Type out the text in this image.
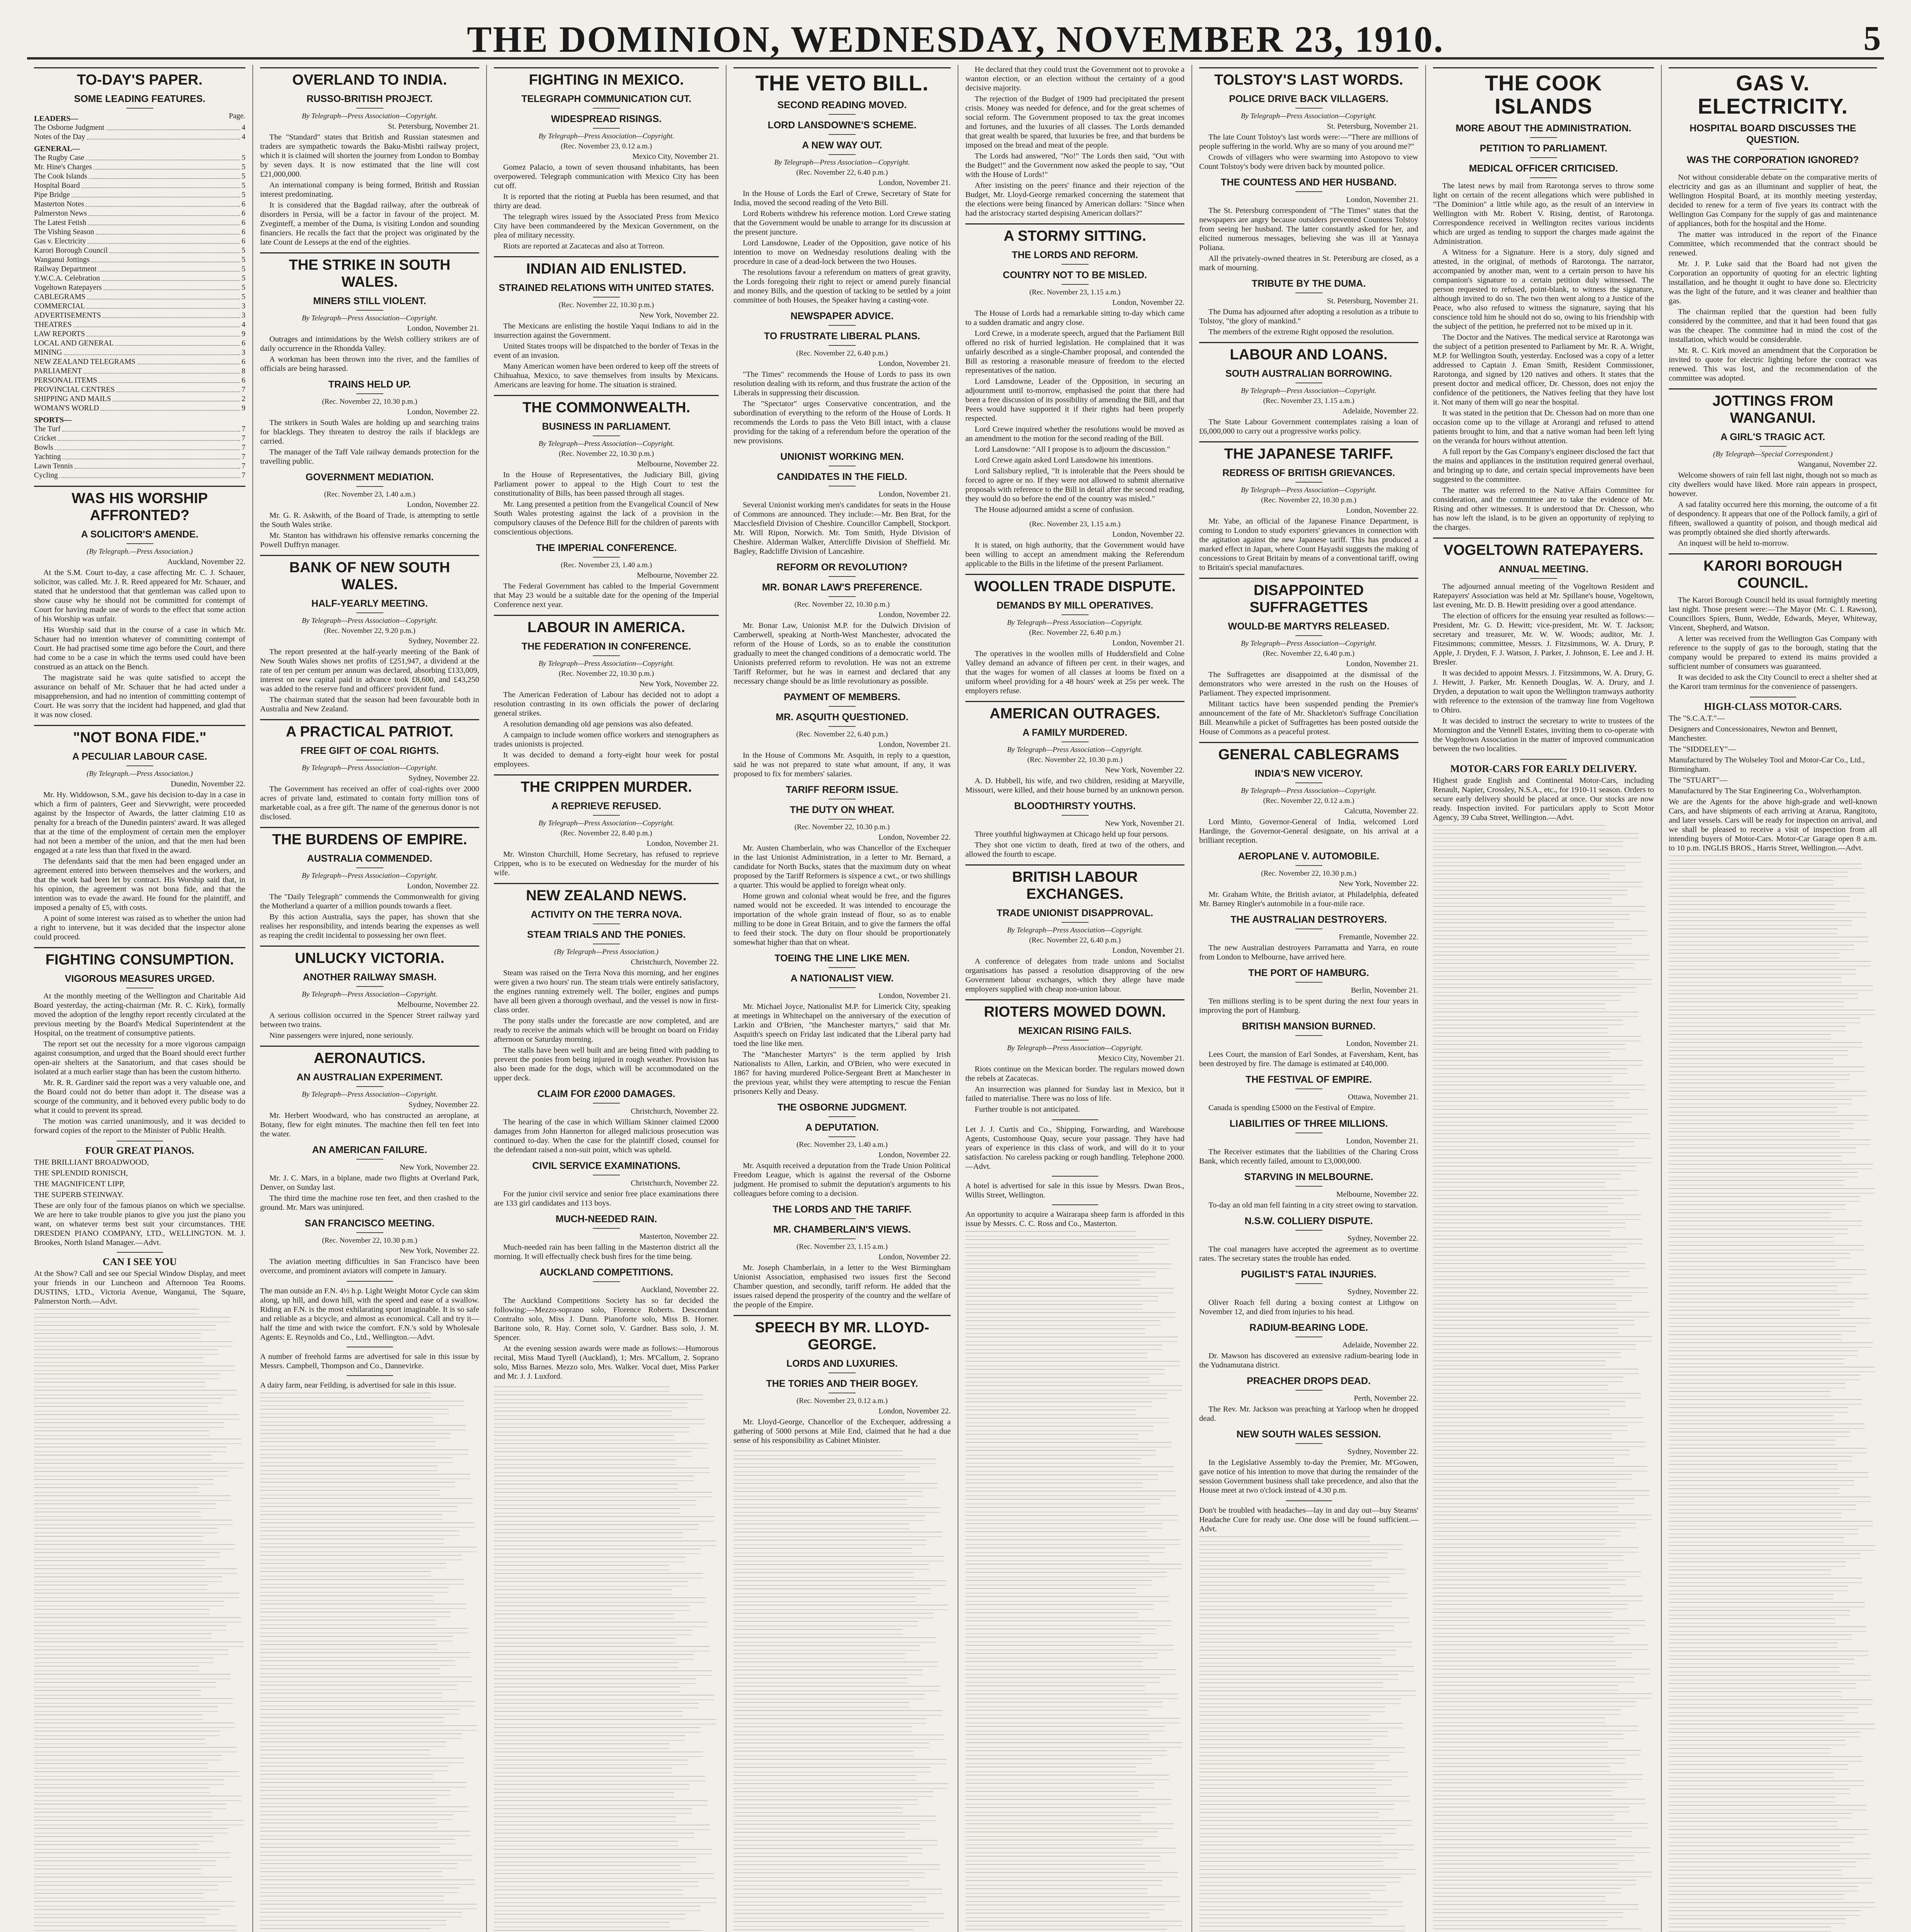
THE DOMINION, WEDNESDAY, NOVEMBER 23, 1910.	5
TO-DAY'S PAPER.
SOME LEADING FEATURES.
LEADERS—	Page.
The Osborne Judgment	4
Notes of the Day	4
GENERAL—
The Rugby Case	5
Mr. Hine's Charges	5
The Cook Islands	5
Hospital Board	5
Pipe Bridge	5
Masterton Notes	6
Palmerston News	6
The Latest Fetish	6
The Vishing Season	6
Gas v. Electricity	6
Karori Borough Council	5
Wanganui Jottings	5
Railway Department	5
Y.W.C.A. Celebration	5
Vogeltown Ratepayers	5
CABLEGRAMS	5
COMMERCIAL	3
ADVERTISEMENTS	3
THEATRES	4
LAW REPORTS	9
LOCAL AND GENERAL	6
MINING	3
NEW ZEALAND TELEGRAMS	6
PARLIAMENT	8
PERSONAL ITEMS	6
PROVINCIAL CENTRES	7
SHIPPING AND MAILS	2
WOMAN'S WORLD	9
SPORTS—
The Turf	7
Cricket	7
Bowls	7
Yachting	7
Lawn Tennis	7
Cycling	7
WAS HIS WORSHIP AFFRONTED?
A SOLICITOR'S AMENDE.
(By Telegraph.—Press Association.)
Auckland, November 22.

At the S.M. Court to-day, a case affecting Mr. C. J. Schauer, solicitor, was called. Mr. J. R. Reed appeared for Mr. Schauer, and stated that he understood that that gentleman was called upon to show cause why he should not be committed for contempt of Court for having made use of words to the effect that some action of his Worship was unfair.

His Worship said that in the course of a case in which Mr. Schauer had no intention whatever of committing contempt of Court. He had practised some time ago before the Court, and there had come to be a case in which the terms used could have been construed as an attack on the Bench.

The magistrate said he was quite satisfied to accept the assurance on behalf of Mr. Schauer that he had acted under a misapprehension, and had no intention of committing contempt of Court. He was sorry that the incident had happened, and glad that it was now closed.

"NOT BONA FIDE."
A PECULIAR LABOUR CASE.
(By Telegraph.—Press Association.)
Dunedin, November 22.

Mr. Hy. Widdowson, S.M., gave his decision to-day in a case in which a firm of painters, Geer and Sievwright, were proceeded against by the Inspector of Awards, the latter claiming £10 as penalty for a breach of the Dunedin painters' award. It was alleged that at the time of the employment of certain men the employer had not been a member of the union, and that the men had been engaged at a rate less than that fixed in the award.

The defendants said that the men had been engaged under an agreement entered into between themselves and the workers, and that the work had been let by contract. His Worship said that, in his opinion, the agreement was not bona fide, and that the intention was to evade the award. He found for the plaintiff, and imposed a penalty of £5, with costs.

A point of some interest was raised as to whether the union had a right to intervene, but it was decided that the inspector alone could proceed.

FIGHTING CONSUMPTION.
VIGOROUS MEASURES URGED.

At the monthly meeting of the Wellington and Charitable Aid Board yesterday, the acting-chairman (Mr. R. C. Kirk), formally moved the adoption of the lengthy report recently circulated at the previous meeting by the Board's Medical Superintendent at the Hospital, on the treatment of consumptive patients.

The report set out the necessity for a more vigorous campaign against consumption, and urged that the Board should erect further open-air shelters at the Sanatorium, and that cases should be isolated at a much earlier stage than has been the custom hitherto.

Mr. R. R. Gardiner said the report was a very valuable one, and the Board could not do better than adopt it. The disease was a scourge of the community, and it behoved every public body to do what it could to prevent its spread.

The motion was carried unanimously, and it was decided to forward copies of the report to the Minister of Public Health.

FOUR GREAT PIANOS.

THE BRILLIANT BROADWOOD,

THE SPLENDID RONISCH,

THE MAGNIFICENT LIPP,

THE SUPERB STEINWAY.

These are only four of the famous pianos on which we specialise. We are here to take trouble pianos to give you just the piano you want, on whatever terms best suit your circumstances. THE DRESDEN PIANO COMPANY, LTD., WELLINGTON. M. J. Brookes, North Island Manager.—Advt.

CAN I SEE YOU

At the Show? Call and see our Special Window Display, and meet your friends in our Luncheon and Afternoon Tea Rooms. DUSTINS, LTD., Victoria Avenue, Wanganui, The Square, Palmerston North.—Advt.

OVERLAND TO INDIA.
RUSSO-BRITISH PROJECT.
By Telegraph—Press Association—Copyright.
St. Petersburg, November 21.

The "Standard" states that British and Russian statesmen and traders are sympathetic towards the Baku-Mishti railway project, which it is claimed will shorten the journey from London to Bombay by seven days. It is now estimated that the line will cost £21,000,000.

An international company is being formed, British and Russian interest predominating.

It is considered that the Bagdad railway, after the outbreak of disorders in Persia, will be a factor in favour of the project. M. Zveginteff, a member of the Duma, is visiting London and sounding financiers. He recalls the fact that the project was originated by the late Count de Lesseps at the end of the eighties.

THE STRIKE IN SOUTH WALES.
MINERS STILL VIOLENT.
By Telegraph—Press Association—Copyright.
London, November 21.

Outrages and intimidations by the Welsh colliery strikers are of daily occurrence in the Rhondda Valley.

A workman has been thrown into the river, and the families of officials are being harassed.

TRAINS HELD UP.
(Rec. November 22, 10.30 p.m.)
London, November 22.

The strikers in South Wales are holding up and searching trains for blacklegs. They threaten to destroy the rails if blacklegs are carried.

The manager of the Taff Vale railway demands protection for the travelling public.

GOVERNMENT MEDIATION.
(Rec. November 23, 1.40 a.m.)
London, November 22.

Mr. G. R. Askwith, of the Board of Trade, is attempting to settle the South Wales strike.

Mr. Stanton has withdrawn his offensive remarks concerning the Powell Duffryn manager.

BANK OF NEW SOUTH WALES.
HALF-YEARLY MEETING.
By Telegraph—Press Association—Copyright.
(Rec. November 22, 9.20 p.m.)
Sydney, November 22.

The report presented at the half-yearly meeting of the Bank of New South Wales shows net profits of £251,947, a dividend at the rate of ten per centum per annum was declared, absorbing £133,009, interest on new capital paid in advance took £8,600, and £43,250 was added to the reserve fund and officers' provident fund.

The chairman stated that the season had been favourable both in Australia and New Zealand.

A PRACTICAL PATRIOT.
FREE GIFT OF COAL RIGHTS.
By Telegraph—Press Association—Copyright.
Sydney, November 22.

The Government has received an offer of coal-rights over 2000 acres of private land, estimated to contain forty million tons of marketable coal, as a free gift. The name of the generous donor is not disclosed.

THE BURDENS OF EMPIRE.
AUSTRALIA COMMENDED.
By Telegraph—Press Association—Copyright.
London, November 22.

The "Daily Telegraph" commends the Commonwealth for giving the Motherland a quarter of a million pounds towards a fleet.

By this action Australia, says the paper, has shown that she realises her responsibility, and intends bearing the expenses as well as reaping the credit incidental to possessing her own fleet.

UNLUCKY VICTORIA.
ANOTHER RAILWAY SMASH.
By Telegraph—Press Association—Copyright.
Melbourne, November 22.

A serious collision occurred in the Spencer Street railway yard between two trains.

Nine passengers were injured, none seriously.

AERONAUTICS.
AN AUSTRALIAN EXPERIMENT.
By Telegraph—Press Association—Copyright.
Sydney, November 22.

Mr. Herbert Woodward, who has constructed an aeroplane, at Botany, flew for eight minutes. The machine then fell ten feet into the water.

AN AMERICAN FAILURE.
New York, November 22.

Mr. J. C. Mars, in a biplane, made two flights at Overland Park, Denver, on Sunday last.

The third time the machine rose ten feet, and then crashed to the ground. Mr. Mars was uninjured.

SAN FRANCISCO MEETING.
(Rec. November 22, 10.30 p.m.)
New York, November 22.

The aviation meeting difficulties in San Francisco have been overcome, and prominent aviators will compete in January.

The man outside an F.N. 4½ h.p. Light Weight Motor Cycle can skim along, up hill, and down hill, with the speed and ease of a swallow. Riding an F.N. is the most exhilarating sport imaginable. It is so safe and reliable as a bicycle, and almost as economical. Call and try it—half the time and with twice the comfort. F.N.'s sold by Wholesale Agents: E. Reynolds and Co., Ltd., Wellington.—Advt.

A number of freehold farms are advertised for sale in this issue by Messrs. Campbell, Thompson and Co., Dannevirke.

A dairy farm, near Feilding, is advertised for sale in this issue.

FIGHTING IN MEXICO.
TELEGRAPH COMMUNICATION CUT.
WIDESPREAD RISINGS.
By Telegraph—Press Association—Copyright.
(Rec. November 23, 0.12 a.m.)
Mexico City, November 21.

Gomez Palacio, a town of seven thousand inhabitants, has been overpowered. Telegraph communication with Mexico City has been cut off.

It is reported that the rioting at Puebla has been resumed, and that thirty are dead.

The telegraph wires issued by the Associated Press from Mexico City have been commandeered by the Mexican Government, on the plea of military necessity.

Riots are reported at Zacatecas and also at Torreon.

INDIAN AID ENLISTED.
STRAINED RELATIONS WITH UNITED STATES.
(Rec. November 22, 10.30 p.m.)
New York, November 22.

The Mexicans are enlisting the hostile Yaqui Indians to aid in the insurrection against the Government.

United States troops will be dispatched to the border of Texas in the event of an invasion.

Many American women have been ordered to keep off the streets of Chihuahua, Mexico, to save themselves from insults by Mexicans. Americans are leaving for home. The situation is strained.

THE COMMONWEALTH.
BUSINESS IN PARLIAMENT.
By Telegraph—Press Association—Copyright.
(Rec. November 22, 10.30 p.m.)
Melbourne, November 22.

In the House of Representatives, the Judiciary Bill, giving Parliament power to appeal to the High Court to test the constitutionality of Bills, has been passed through all stages.

Mr. Lang presented a petition from the Evangelical Council of New South Wales protesting against the lack of a provision in the compulsory clauses of the Defence Bill for the children of parents with conscientious objections.

THE IMPERIAL CONFERENCE.
(Rec. November 23, 1.40 a.m.)
Melbourne, November 22.

The Federal Government has cabled to the Imperial Government that May 23 would be a suitable date for the opening of the Imperial Conference next year.

LABOUR IN AMERICA.
THE FEDERATION IN CONFERENCE.
By Telegraph—Press Association—Copyright.
(Rec. November 22, 10.30 p.m.)
New York, November 22.

The American Federation of Labour has decided not to adopt a resolution contrasting in its own officials the power of declaring general strikes.

A resolution demanding old age pensions was also defeated.

A campaign to include women office workers and stenographers as trades unionists is projected.

It was decided to demand a forty-eight hour week for postal employees.

THE CRIPPEN MURDER.
A REPRIEVE REFUSED.
By Telegraph—Press Association—Copyright.
(Rec. November 22, 8.40 p.m.)
London, November 21.

Mr. Winston Churchill, Home Secretary, has refused to reprieve Crippen, who is to be executed on Wednesday for the murder of his wife.

NEW ZEALAND NEWS.
ACTIVITY ON THE TERRA NOVA.
STEAM TRIALS AND THE PONIES.
(By Telegraph—Press Association.)
Christchurch, November 22.

Steam was raised on the Terra Nova this morning, and her engines were given a two hours' run. The steam trials were entirely satisfactory, the engines running extremely well. The boiler, engines and pumps have all been given a thorough overhaul, and the vessel is now in first-class order.

The pony stalls under the forecastle are now completed, and are ready to receive the animals which will be brought on board on Friday afternoon or Saturday morning.

The stalls have been well built and are being fitted with padding to prevent the ponies from being injured in rough weather. Provision has also been made for the dogs, which will be accommodated on the upper deck.

CLAIM FOR £2000 DAMAGES.
Christchurch, November 22.

The hearing of the case in which William Skinner claimed £2000 damages from John Hannerton for alleged malicious prosecution was continued to-day. When the case for the plaintiff closed, counsel for the defendant raised a non-suit point, which was upheld.

CIVIL SERVICE EXAMINATIONS.
Christchurch, November 22.

For the junior civil service and senior free place examinations there are 133 girl candidates and 113 boys.

MUCH-NEEDED RAIN.
Masterton, November 22.

Much-needed rain has been falling in the Masterton district all the morning. It will effectually check bush fires for the time being.

AUCKLAND COMPETITIONS.
Auckland, November 22.

The Auckland Competitions Society has so far decided the following:—Mezzo-soprano solo, Florence Roberts. Descendant Contralto solo, Miss J. Dunn. Pianoforte solo, Miss B. Horner. Baritone solo, R. Hay. Cornet solo, V. Gardner. Bass solo, J. M. Spencer.

At the evening session awards were made as follows:—Humorous recital, Miss Maud Tyrell (Auckland), 1; Mrs. M'Callum, 2. Soprano solo, Miss Barnes. Mezzo solo, Mrs. Walker. Vocal duet, Miss Parker and Mr. J. J. Luxford.

THE VETO BILL.
SECOND READING MOVED.
LORD LANSDOWNE'S SCHEME.
A NEW WAY OUT.
By Telegraph—Press Association—Copyright.
(Rec. November 22, 6.40 p.m.)
London, November 21.

In the House of Lords the Earl of Crewe, Secretary of State for India, moved the second reading of the Veto Bill.

Lord Roberts withdrew his reference motion. Lord Crewe stating that the Government would be unable to arrange for its discussion at the present juncture.

Lord Lansdowne, Leader of the Opposition, gave notice of his intention to move on Wednesday resolutions dealing with the procedure in case of a dead-lock between the two Houses.

The resolutions favour a referendum on matters of great gravity, the Lords foregoing their right to reject or amend purely financial and money Bills, and the question of tacking to be settled by a joint committee of both Houses, the Speaker having a casting-vote.

NEWSPAPER ADVICE.
TO FRUSTRATE LIBERAL PLANS.
(Rec. November 22, 6.40 p.m.)
London, November 21.

"The Times" recommends the House of Lords to pass its own resolution dealing with its reform, and thus frustrate the action of the Liberals in suppressing their discussion.

The "Spectator" urges Conservative concentration, and the subordination of everything to the reform of the House of Lords. It recommends the Lords to pass the Veto Bill intact, with a clause providing for the taking of a referendum before the operation of the new provisions.

UNIONIST WORKING MEN.
CANDIDATES IN THE FIELD.
London, November 21.

Several Unionist working men's candidates for seats in the House of Commons are announced. They include:—Mr. Ben Brat, for the Macclesfield Division of Cheshire. Councillor Campbell, Stockport. Mr. Will Ripon, Norwich. Mr. Tom Smith, Hyde Division of Cheshire. Alderman Walker, Attercliffe Division of Sheffield. Mr. Bagley, Radcliffe Division of Lancashire.

REFORM OR REVOLUTION?
MR. BONAR LAW'S PREFERENCE.
(Rec. November 22, 10.30 p.m.)
London, November 22.

Mr. Bonar Law, Unionist M.P. for the Dulwich Division of Camberwell, speaking at North-West Manchester, advocated the reform of the House of Lords, so as to enable the constitution gradually to meet the changed conditions of a democratic world. The Unionists preferred reform to revolution. He was not an extreme Tariff Reformer, but he was in earnest and declared that any necessary change should be as little revolutionary as possible.

PAYMENT OF MEMBERS.
MR. ASQUITH QUESTIONED.
(Rec. November 22, 6.40 p.m.)
London, November 21.

In the House of Commons Mr. Asquith, in reply to a question, said he was not prepared to state what amount, if any, it was proposed to fix for members' salaries.

TARIFF REFORM ISSUE.
THE DUTY ON WHEAT.
(Rec. November 22, 10.30 p.m.)
London, November 22.

Mr. Austen Chamberlain, who was Chancellor of the Exchequer in the last Unionist Administration, in a letter to Mr. Bernard, a candidate for North Bucks, states that the maximum duty on wheat proposed by the Tariff Reformers is sixpence a cwt., or two shillings a quarter. This would be applied to foreign wheat only.

Home grown and colonial wheat would be free, and the figures named would not be exceeded. It was intended to encourage the importation of the whole grain instead of flour, so as to enable milling to be done in Great Britain, and to give the farmers the offal to feed their stock. The duty on flour should be proportionately somewhat higher than that on wheat.

TOEING THE LINE LIKE MEN.
A NATIONALIST VIEW.
London, November 21.

Mr. Michael Joyce, Nationalist M.P. for Limerick City, speaking at meetings in Whitechapel on the anniversary of the execution of Larkin and O'Brien, "the Manchester martyrs," said that Mr. Asquith's speech on Friday last indicated that the Liberal party had toed the line like men.

The "Manchester Martyrs" is the term applied by Irish Nationalists to Allen, Larkin, and O'Brien, who were executed in 1867 for having murdered Police-Sergeant Brett at Manchester in the previous year, whilst they were attempting to rescue the Fenian prisoners Kelly and Deasy.

THE OSBORNE JUDGMENT.
A DEPUTATION.
(Rec. November 23, 1.40 a.m.)
London, November 22.

Mr. Asquith received a deputation from the Trade Union Political Freedom League, which is against the reversal of the Osborne judgment. He promised to submit the deputation's arguments to his colleagues before coming to a decision.

THE LORDS AND THE TARIFF.
MR. CHAMBERLAIN'S VIEWS.
(Rec. November 23, 1.15 a.m.)
London, November 22.

Mr. Joseph Chamberlain, in a letter to the West Birmingham Unionist Association, emphasised two issues first the Second Chamber question, and secondly, tariff reform. He added that the issues raised depend the prosperity of the country and the welfare of the people of the Empire.

SPEECH BY MR. LLOYD-GEORGE.
LORDS AND LUXURIES.
THE TORIES AND THEIR BOGEY.
(Rec. November 23, 0.12 a.m.)
London, November 22.

Mr. Lloyd-George, Chancellor of the Exchequer, addressing a gathering of 5000 persons at Mile End, claimed that he had a due sense of his responsibility as Cabinet Minister.

He declared that they could trust the Government not to provoke a wanton election, or an election without the certainty of a good decisive majority.

The rejection of the Budget of 1909 had precipitated the present crisis. Money was needed for defence, and for the great schemes of social reform. The Government proposed to tax the great incomes and fortunes, and the luxuries of all classes. The Lords demanded that great wealth be spared, that luxuries be free, and that burdens be imposed on the bread and meat of the people.

The Lords had answered, "No!" The Lords then said, "Out with the Budget!" and the Government now asked the people to say, "Out with the House of Lords!"

After insisting on the peers' finance and their rejection of the Budget, Mr. Lloyd-George remarked concerning the statement that the elections were being financed by American dollars: "Since when had the aristocracy started despising American dollars?"

A STORMY SITTING.
THE LORDS AND REFORM.
COUNTRY NOT TO BE MISLED.
(Rec. November 23, 1.15 a.m.)
London, November 22.

The House of Lords had a remarkable sitting to-day which came to a sudden dramatic and angry close.

Lord Crewe, in a moderate speech, argued that the Parliament Bill offered no risk of hurried legislation. He complained that it was unfairly described as a single-Chamber proposal, and contended the Bill as restoring a reasonable measure of freedom to the elected representatives of the nation.

Lord Lansdowne, Leader of the Opposition, in securing an adjournment until to-morrow, emphasised the point that there had been a free discussion of its possibility of amending the Bill, and that Peers would have supported it if their rights had been properly respected.

Lord Crewe inquired whether the resolutions would be moved as an amendment to the motion for the second reading of the Bill.

Lord Lansdowne: "All I propose is to adjourn the discussion."

Lord Crewe again asked Lord Lansdowne his intentions.

Lord Salisbury replied, "It is intolerable that the Peers should be forced to agree or no. If they were not allowed to submit alternative proposals with reference to the Bill in detail after the second reading, they would do so before the end of the country was misled."

The House adjourned amidst a scene of confusion.

(Rec. November 23, 1.15 a.m.)
London, November 22.

It is stated, on high authority, that the Government would have been willing to accept an amendment making the Referendum applicable to the Bills in the lifetime of the present Parliament.

WOOLLEN TRADE DISPUTE.
DEMANDS BY MILL OPERATIVES.
By Telegraph—Press Association—Copyright.
(Rec. November 22, 6.40 p.m.)
London, November 21.

The operatives in the woollen mills of Huddersfield and Colne Valley demand an advance of fifteen per cent. in their wages, and that the wages for women of all classes at looms be fixed on a uniform wheel providing for a 48 hours' week at 25s per week. The employers refuse.

AMERICAN OUTRAGES.
A FAMILY MURDERED.
By Telegraph—Press Association—Copyright.
(Rec. November 22, 10.30 p.m.)
New York, November 22.

A. D. Hubbell, his wife, and two children, residing at Maryville, Missouri, were killed, and their house burned by an unknown person.

BLOODTHIRSTY YOUTHS.
New York, November 21.

Three youthful highwaymen at Chicago held up four persons.

They shot one victim to death, fired at two of the others, and allowed the fourth to escape.

BRITISH LABOUR EXCHANGES.
TRADE UNIONIST DISAPPROVAL.
By Telegraph—Press Association—Copyright.
(Rec. November 22, 6.40 p.m.)
London, November 21.

A conference of delegates from trade unions and Socialist organisations has passed a resolution disapproving of the new Government labour exchanges, which they allege have made employers supplied with cheap non-union labour.

RIOTERS MOWED DOWN.
MEXICAN RISING FAILS.
By Telegraph—Press Association—Copyright.
Mexico City, November 21.

Riots continue on the Mexican border. The regulars mowed down the rebels at Zacatecas.

An insurrection was planned for Sunday last in Mexico, but it failed to materialise. There was no loss of life.

Further trouble is not anticipated.

Let J. J. Curtis and Co., Shipping, Forwarding, and Warehouse Agents, Customhouse Quay, secure your passage. They have had years of experience in this class of work, and will do it to your satisfaction. No careless packing or rough handling. Telephone 2000.—Advt.

A hotel is advertised for sale in this issue by Messrs. Dwan Bros., Willis Street, Wellington.

An opportunity to acquire a Wairarapa sheep farm is afforded in this issue by Messrs. C. C. Ross and Co., Masterton.

TOLSTOY'S LAST WORDS.
POLICE DRIVE BACK VILLAGERS.
By Telegraph—Press Association—Copyright.
St. Petersburg, November 21.

The late Count Tolstoy's last words were:—"There are millions of people suffering in the world. Why are so many of you around me?"

Crowds of villagers who were swarming into Astopovo to view Count Tolstoy's body were driven back by mounted police.

THE COUNTESS AND HER HUSBAND.
London, November 21.

The St. Petersburg correspondent of "The Times" states that the newspapers are angry because outsiders prevented Countess Tolstoy from seeing her husband. The latter constantly asked for her, and elicited numerous messages, believing she was ill at Yasnaya Poliana.

All the privately-owned theatres in St. Petersburg are closed, as a mark of mourning.

TRIBUTE BY THE DUMA.
St. Petersburg, November 21.

The Duma has adjourned after adopting a resolution as a tribute to Tolstoy, "the glory of mankind."

The members of the extreme Right opposed the resolution.

LABOUR AND LOANS.
SOUTH AUSTRALIAN BORROWING.
By Telegraph—Press Association—Copyright.
(Rec. November 23, 1.15 a.m.)
Adelaide, November 22.

The State Labour Government contemplates raising a loan of £6,000,000 to carry out a progressive works policy.

THE JAPANESE TARIFF.
REDRESS OF BRITISH GRIEVANCES.
By Telegraph—Press Association—Copyright.
(Rec. November 22, 10.30 p.m.)
London, November 22.

Mr. Yabe, an official of the Japanese Finance Department, is coming to London to study exporters' grievances in connection with the agitation against the new Japanese tariff. This has produced a marked effect in Japan, where Count Hayashi suggests the making of concessions to Great Britain by means of a conventional tariff, owing to Britain's special manufactures.

DISAPPOINTED SUFFRAGETTES
WOULD-BE MARTYRS RELEASED.
By Telegraph—Press Association—Copyright.
(Rec. November 22, 6.40 p.m.)
London, November 21.

The Suffragettes are disappointed at the dismissal of the demonstrators who were arrested in the rush on the Houses of Parliament. They expected imprisonment.

Militant tactics have been suspended pending the Premier's announcement of the fate of Mr. Shackleton's Suffrage Conciliation Bill. Meanwhile a picket of Suffragettes has been posted outside the House of Commons as a peaceful protest.

GENERAL CABLEGRAMS
INDIA'S NEW VICEROY.
By Telegraph—Press Association—Copyright.
(Rec. November 22, 0.12 a.m.)
Calcutta, November 22.

Lord Minto, Governor-General of India, welcomed Lord Hardinge, the Governor-General designate, on his arrival at a brilliant reception.

AEROPLANE V. AUTOMOBILE.
(Rec. November 22, 10.30 p.m.)
New York, November 22.

Mr. Graham White, the British aviator, at Philadelphia, defeated Mr. Barney Ringler's automobile in a four-mile race.

THE AUSTRALIAN DESTROYERS.
Fremantle, November 22.

The new Australian destroyers Parramatta and Yarra, en route from London to Melbourne, have arrived here.

THE PORT OF HAMBURG.
Berlin, November 21.

Ten millions sterling is to be spent during the next four years in improving the port of Hamburg.

BRITISH MANSION BURNED.
London, November 21.

Lees Court, the mansion of Earl Sondes, at Faversham, Kent, has been destroyed by fire. The damage is estimated at £40,000.

THE FESTIVAL OF EMPIRE.
Ottawa, November 21.

Canada is spending £5000 on the Festival of Empire.

LIABILITIES OF THREE MILLIONS.
London, November 21.

The Receiver estimates that the liabilities of the Charing Cross Bank, which recently failed, amount to £3,000,000.

STARVING IN MELBOURNE.
Melbourne, November 22.

To-day an old man fell fainting in a city street owing to starvation.

N.S.W. COLLIERY DISPUTE.
Sydney, November 22.

The coal managers have accepted the agreement as to overtime rates. The secretary states the trouble has ended.

PUGILIST'S FATAL INJURIES.
Sydney, November 22.

Oliver Roach fell during a boxing contest at Lithgow on November 12, and died from injuries to his head.

RADIUM-BEARING LODE.
Adelaide, November 22.

Dr. Mawson has discovered an extensive radium-bearing lode in the Yudnamutana district.

PREACHER DROPS DEAD.
Perth, November 22.

The Rev. Mr. Jackson was preaching at Yarloop when he dropped dead.

NEW SOUTH WALES SESSION.
Sydney, November 22.

In the Legislative Assembly to-day the Premier, Mr. M'Gowen, gave notice of his intention to move that during the remainder of the session Government business shall take precedence, and also that the House meet at two o'clock instead of 4.30 p.m.

Don't be troubled with headaches—lay in and day out—buy Stearns' Headache Cure for ready use. One dose will be found sufficient.—Advt.

THE COOK ISLANDS
MORE ABOUT THE ADMINISTRATION.
PETITION TO PARLIAMENT.
MEDICAL OFFICER CRITICISED.

The latest news by mail from Rarotonga serves to throw some light on certain of the recent allegations which were published in "The Dominion" a little while ago, as the result of an interview in Wellington with Mr. Robert V. Rising, dentist, of Rarotonga. Correspondence received in Wellington recites various incidents which are urged as tending to support the charges made against the Administration.

A Witness for a Signature. Here is a story, duly signed and attested, in the original, of methods of Rarotonga. The narrator, accompanied by another man, went to a certain person to have his companion's signature to a certain petition duly witnessed. The person requested to refused, point-blank, to witness the signature, although invited to do so. The two then went along to a Justice of the Peace, who also refused to witness the signature, saying that his conscience told him he should not do so, owing to his friendship with the subject of the petition, he preferred not to be mixed up in it.

The Doctor and the Natives. The medical service at Rarotonga was the subject of a petition presented to Parliament by Mr. R. A. Wright, M.P. for Wellington South, yesterday. Enclosed was a copy of a letter addressed to Captain J. Eman Smith, Resident Commissioner, Rarotonga, and signed by 120 natives and others. It states that the present doctor and medical officer, Dr. Chesson, does not enjoy the confidence of the petitioners, the Natives feeling that they have lost it. Not many of them will go near the hospital.

It was stated in the petition that Dr. Chesson had on more than one occasion come up to the village at Arorangi and refused to attend patients brought to him, and that a native woman had been left lying on the veranda for hours without attention.

A full report by the Gas Company's engineer disclosed the fact that the mains and appliances in the institution required general overhaul, and bringing up to date, and certain special improvements have been suggested to the committee.

The matter was referred to the Native Affairs Committee for consideration, and the committee are to take the evidence of Mr. Rising and other witnesses. It is understood that Dr. Chesson, who has now left the island, is to be given an opportunity of replying to the charges.

VOGELTOWN RATEPAYERS.
ANNUAL MEETING.

The adjourned annual meeting of the Vogeltown Resident and Ratepayers' Association was held at Mr. Spillane's house, Vogeltown, last evening, Mr. D. B. Hewitt presiding over a good attendance.

The election of officers for the ensuing year resulted as follows:—President, Mr. G. D. Hewitt; vice-president, Mr. W. T. Jackson; secretary and treasurer, Mr. W. W. Woods; auditor, Mr. J. Fitzsimmons; committee, Messrs. J. Fitzsimmons, W. A. Drury, P. Apple, J. Dryden, F. J. Watson, J. Parker, J. Johnson, E. Lee and J. H. Bresler.

It was decided to appoint Messrs. J. Fitzsimmons, W. A. Drury, G. J. Hewitt, J. Parker, Mr. Kenneth Douglas, W. A. Drury, and J. Dryden, a deputation to wait upon the Wellington tramways authority with reference to the extension of the tramway line from Vogeltown to Ohiro.

It was decided to instruct the secretary to write to trustees of the Mornington and the Vennell Estates, inviting them to co-operate with the Vogeltown Association in the matter of improved communication between the two localities.

MOTOR-CARS FOR EARLY DELIVERY.

Highest grade English and Continental Motor-Cars, including Renault, Napier, Crossley, N.S.A., etc., for 1910-11 season. Orders to secure early delivery should be placed at once. Our stocks are now ready. Inspection invited. For particulars apply to Scott Motor Agency, 39 Cuba Street, Wellington.—Advt.

GAS V. ELECTRICITY.
HOSPITAL BOARD DISCUSSES THE QUESTION.
WAS THE CORPORATION IGNORED?

Not without considerable debate on the comparative merits of electricity and gas as an illuminant and supplier of heat, the Wellington Hospital Board, at its monthly meeting yesterday, decided to renew for a term of five years its contract with the Wellington Gas Company for the supply of gas and maintenance of appliances, both for the hospital and the Home.

The matter was introduced in the report of the Finance Committee, which recommended that the contract should be renewed.

Mr. J. P. Luke said that the Board had not given the Corporation an opportunity of quoting for an electric lighting installation, and he thought it ought to have done so. Electricity was the light of the future, and it was cleaner and healthier than gas.

The chairman replied that the question had been fully considered by the committee, and that it had been found that gas was the cheaper. The committee had in mind the cost of the installation, which would be considerable.

Mr. R. C. Kirk moved an amendment that the Corporation be invited to quote for electric lighting before the contract was renewed. This was lost, and the recommendation of the committee was adopted.

JOTTINGS FROM WANGANUI.
A GIRL'S TRAGIC ACT.
(By Telegraph—Special Correspondent.)
Wanganui, November 22.

Welcome showers of rain fell last night, though not so much as city dwellers would have liked. More rain appears in prospect, however.

A sad fatality occurred here this morning, the outcome of a fit of despondency. It appears that one of the Pollock family, a girl of fifteen, swallowed a quantity of poison, and though medical aid was promptly obtained she died shortly afterwards.

An inquest will be held to-morrow.

KARORI BOROUGH COUNCIL.

The Karori Borough Council held its usual fortnightly meeting last night. Those present were:—The Mayor (Mr. C. I. Rawson), Councillors Spiers, Bunn, Wedde, Edwards, Meyer, Whiteway, Vincent, Shepherd, and Watson.

A letter was received from the Wellington Gas Company with reference to the supply of gas to the borough, stating that the company would be prepared to extend its mains provided a sufficient number of consumers was guaranteed.

It was decided to ask the City Council to erect a shelter shed at the Karori tram terminus for the convenience of passengers.

HIGH-CLASS MOTOR-CARS.

The "S.C.A.T."—

Designers and Concessionaires, Newton and Bennett, Manchester.

The "SIDDELEY"—

Manufactured by The Wolseley Tool and Motor-Car Co., Ltd., Birmingham.

The "STUART"—

Manufactured by The Star Engineering Co., Wolverhampton.

We are the Agents for the above high-grade and well-known Cars, and have shipments of each arriving at Ararua, Rangitoto, and later vessels. Cars will be ready for inspection on arrival, and we shall be pleased to receive a visit of inspection from all intending buyers of Motor-Cars. Motor-Car Garage open 8 a.m. to 10 p.m. INGLIS BROS., Harris Street, Wellington.—Advt.
